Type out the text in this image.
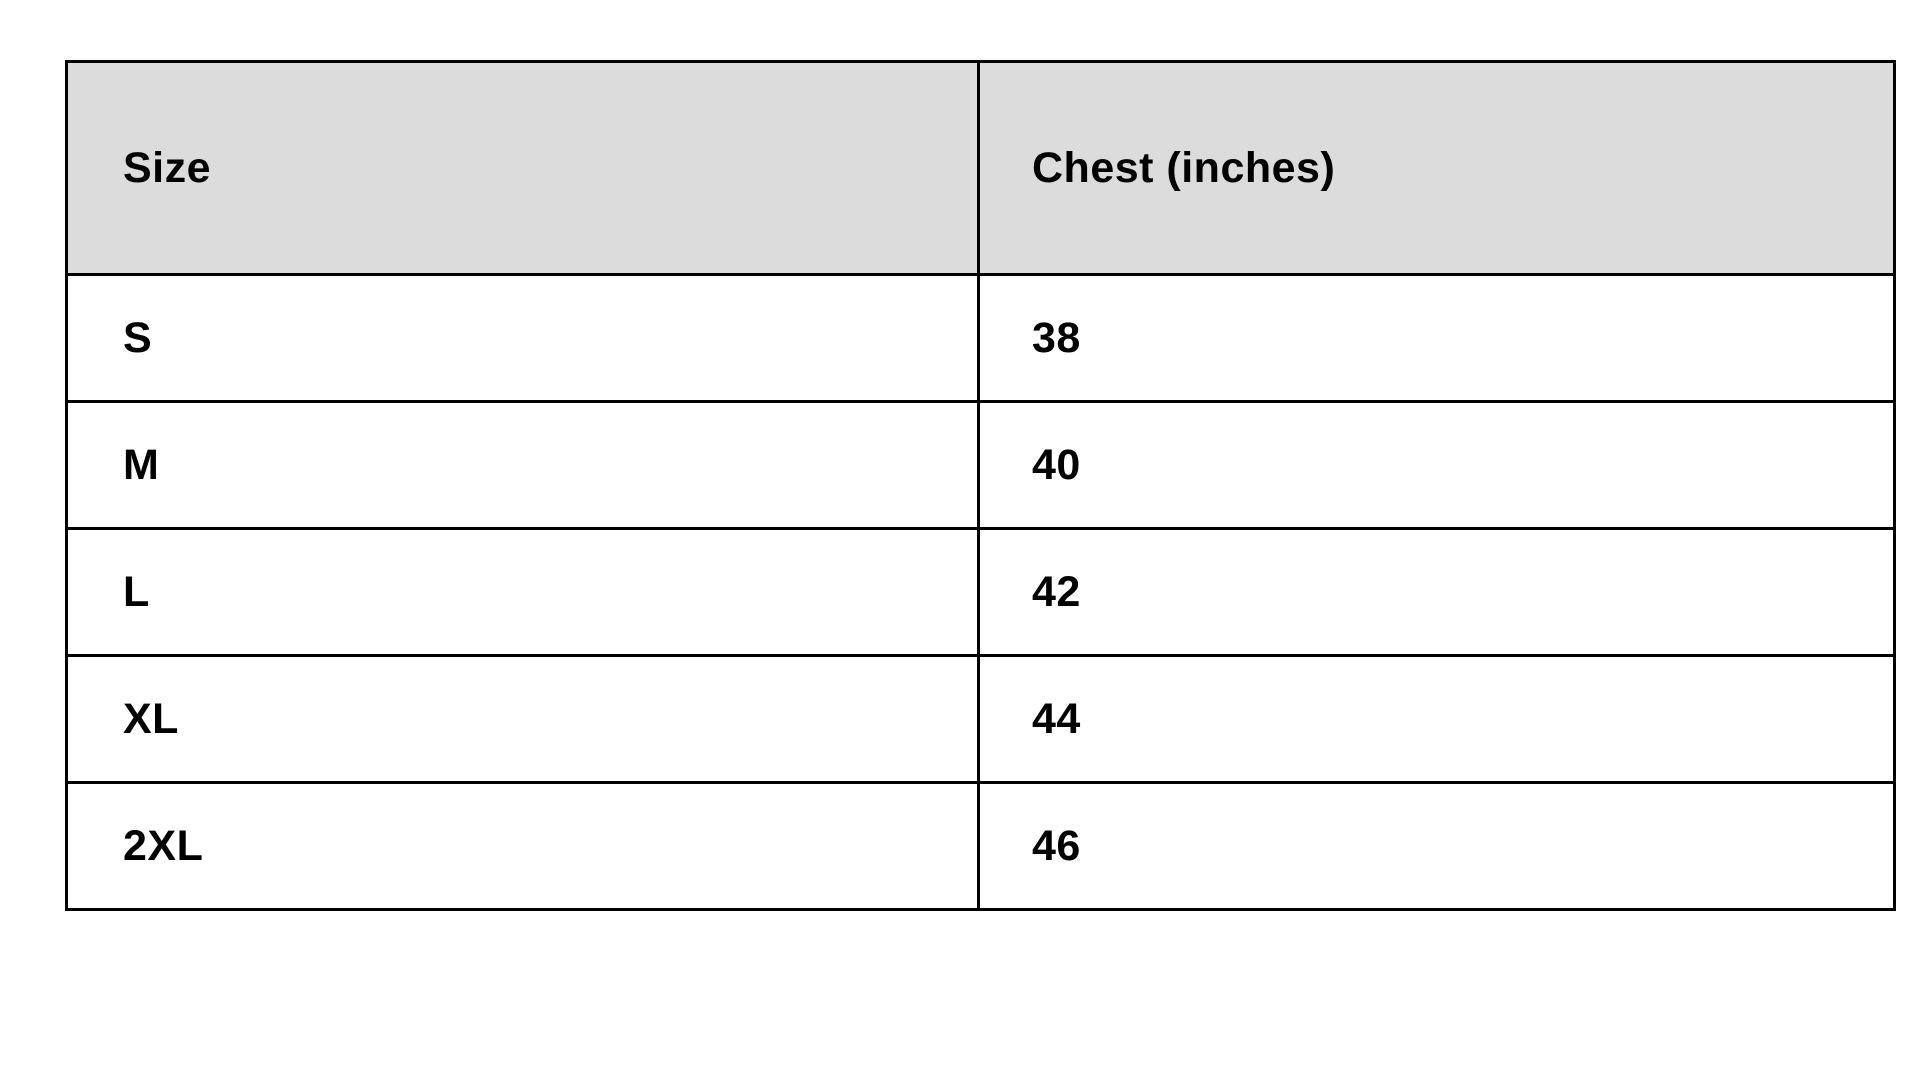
Size	Chest (inches)
S	38
M	40
L	42
XL	44
2XL	46
